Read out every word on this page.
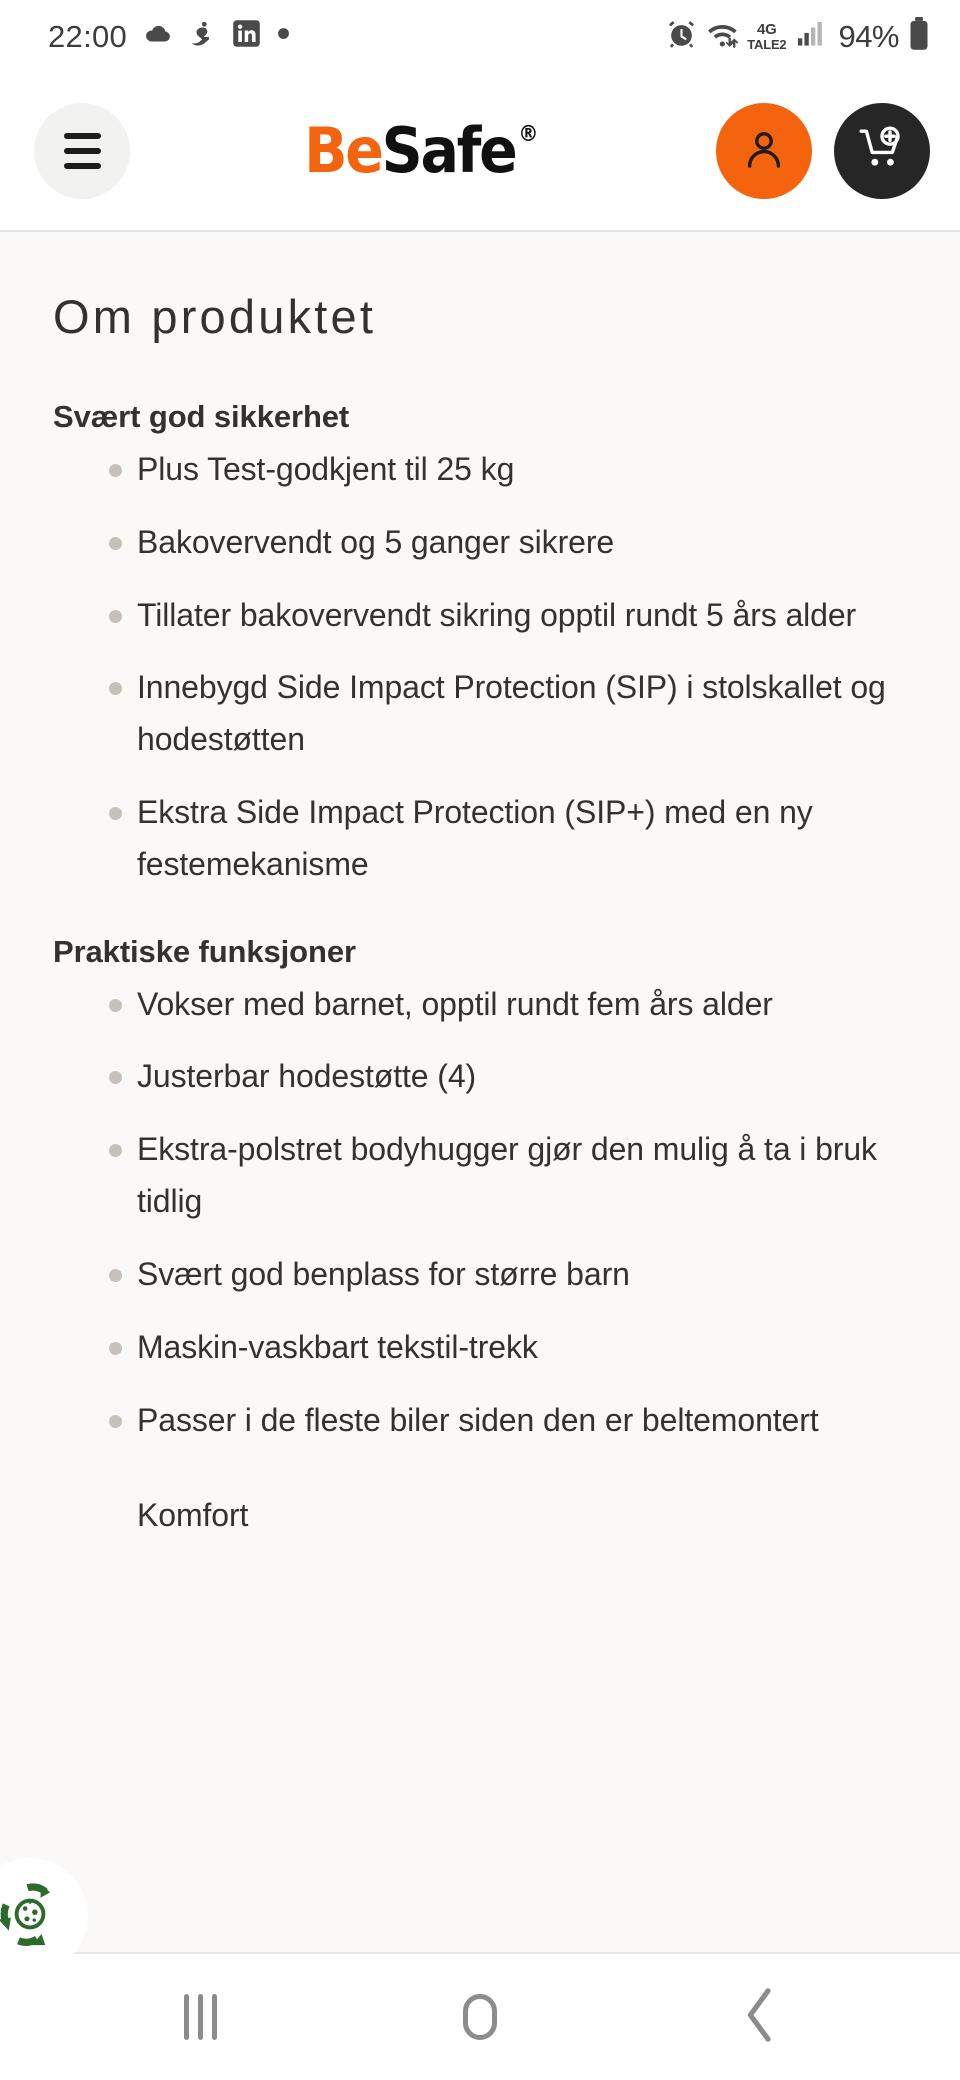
22:00	4G
TALE2 94%
Be Safe ®
Om produktet
Svært god sikkerhet
Plus Test-godkjent til 25 kg
Bakovervendt og 5 ganger sikrere
Tillater bakovervendt sikring opptil rundt 5 års alder
Innebygd Side Impact Protection (SIP) i stolskallet og hodestøtten
Ekstra Side Impact Protection (SIP+) med en ny festemekanisme
Praktiske funksjoner
Vokser med barnet, opptil rundt fem års alder
Justerbar hodestøtte (4)
Ekstra-polstret bodyhugger gjør den mulig å ta i bruk tidlig
Svært god benplass for større barn
Maskin-vaskbart tekstil-trekk
Passer i de fleste biler siden den er beltemontert
Komfort
